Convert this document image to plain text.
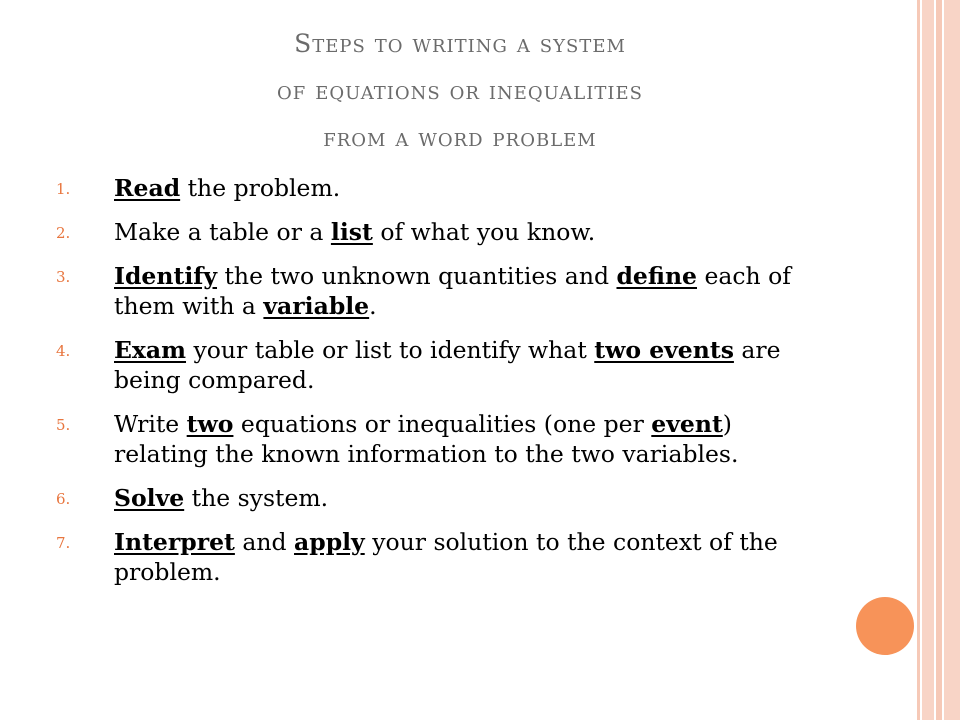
Steps to writing a system
of equations or inequalities
from a word problem
1. Read the problem.
2. Make a table or a list of what you know.
3. Identify the two unknown quantities and define each of them with a variable.
4. Exam your table or list to identify what two events are being compared.
5. Write two equations or inequalities (one per event) relating the known information to the two variables.
6. Solve the system.
7. Interpret and apply your solution to the context of the problem.
